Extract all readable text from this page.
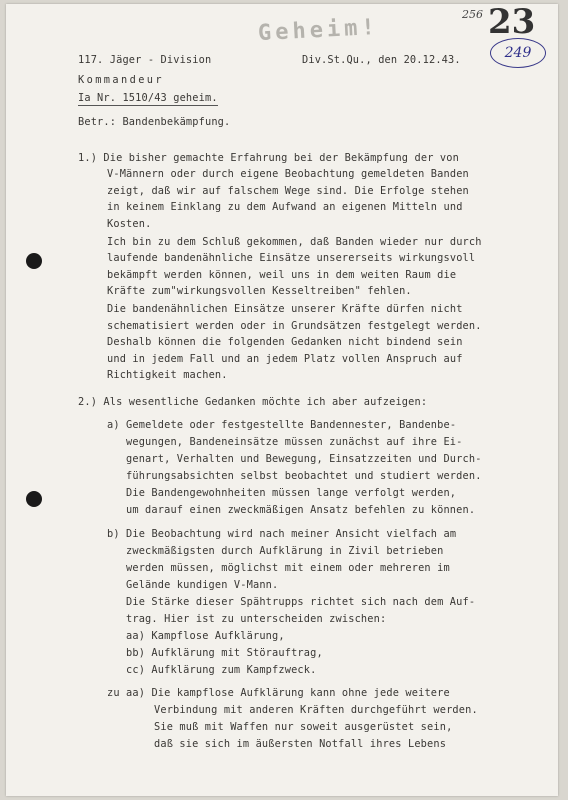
Geheim!
256 23
249
117. Jäger - Division	Div.St.Qu., den 20.12.43.
Kommandeur
Ia Nr. 1510/43 geheim.
Betr.: Bandenbekämpfung.
1.) Die bisher gemachte Erfahrung bei der Bekämpfung der von
V-Männern oder durch eigene Beobachtung gemeldeten Banden
zeigt, daß wir auf falschem Wege sind. Die Erfolge stehen
in keinem Einklang zu dem Aufwand an eigenen Mitteln und
Kosten.
Ich bin zu dem Schluß gekommen, daß Banden wieder nur durch
laufende bandenähnliche Einsätze unsererseits wirkungsvoll
bekämpft werden können, weil uns in dem weiten Raum die
Kräfte zum"wirkungsvollen Kesseltreiben" fehlen.
Die bandenähnlichen Einsätze unserer Kräfte dürfen nicht
schematisiert werden oder in Grundsätzen festgelegt werden.
Deshalb können die folgenden Gedanken nicht bindend sein
und in jedem Fall und an jedem Platz vollen Anspruch auf
Richtigkeit machen.
2.) Als wesentliche Gedanken möchte ich aber aufzeigen:
a) Gemeldete oder festgestellte Bandennester, Bandenbe-
wegungen, Bandeneinsätze müssen zunächst auf ihre Ei-
genart, Verhalten und Bewegung, Einsatzzeiten und Durch-
führungsabsichten selbst beobachtet und studiert werden.
Die Bandengewohnheiten müssen lange verfolgt werden,
um darauf einen zweckmäßigen Ansatz befehlen zu können.
b) Die Beobachtung wird nach meiner Ansicht vielfach am
zweckmäßigsten durch Aufklärung in Zivil betrieben
werden müssen, möglichst mit einem oder mehreren im
Gelände kundigen V-Mann.
Die Stärke dieser Spähtrupps richtet sich nach dem Auf-
trag. Hier ist zu unterscheiden zwischen:
aa) Kampflose Aufklärung,
bb) Aufklärung mit Störauftrag,
cc) Aufklärung zum Kampfzweck.
zu aa) Die kampflose Aufklärung kann ohne jede weitere
Verbindung mit anderen Kräften durchgeführt werden.
Sie muß mit Waffen nur soweit ausgerüstet sein,
daß sie sich im äußersten Notfall ihres Lebens
